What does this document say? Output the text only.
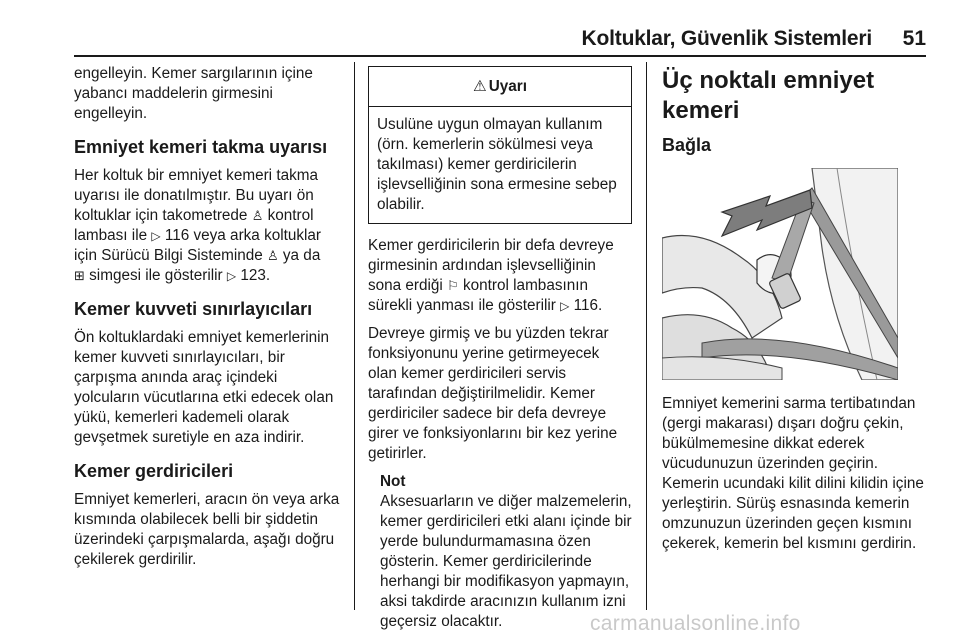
Koltuklar, Güvenlik Sistemleri 51

engelleyin. Kemer sargılarının içine yabancı maddelerin girmesini engelleyin.

Emniyet kemeri takma uyarısı

Her koltuk bir emniyet kemeri takma uyarısı ile donatılmıştır. Bu uyarı ön koltuklar için takometrede ♙ kontrol lambası ile ▷ 116 veya arka koltuklar için Sürücü Bilgi Sisteminde ♙ ya da
⊞ simgesi ile gösterilir ▷ 123.

Kemer kuvveti sınırlayıcıları

Ön koltuklardaki emniyet kemerlerinin kemer kuvveti sınırlayıcıları, bir çarpışma anında araç içindeki yolcuların vücutlarına etki edecek olan yükü, kemerleri kademeli olarak gevşetmek suretiyle en aza indirir.

Kemer gerdiricileri

Emniyet kemerleri, aracın ön veya arka kısmında olabilecek belli bir şiddetin üzerindeki çarpışmalarda, aşağı doğru çekilerek gerdirilir.

⚠ Uyarı
Usulüne uygun olmayan kullanım (örn. kemerlerin sökülmesi veya takılması) kemer gerdiricilerin işlevselliğinin sona ermesine sebep olabilir.

Kemer gerdiricilerin bir defa devreye girmesinin ardından işlevselliğinin sona erdiği ⚐ kontrol lambasının sürekli yanması ile gösterilir ▷ 116.

Devreye girmiş ve bu yüzden tekrar fonksiyonunu yerine getirmeyecek olan kemer gerdiricileri servis tarafından değiştirilmelidir. Kemer gerdiriciler sadece bir defa devreye girer ve fonksiyonlarını bir kez yerine getirirler.

Not

Aksesuarların ve diğer malzemelerin, kemer gerdiricileri etki alanı içinde bir yerde bulundurmamasına özen gösterin. Kemer gerdiricilerinde herhangi bir modifikasyon yapmayın, aksi takdirde aracınızın kullanım izni geçersiz olacaktır.

Üç noktalı emniyet kemeri
Bağla

Emniyet kemerini sarma tertibatından (gergi makarası) dışarı doğru çekin, bükülmemesine dikkat ederek vücudunuzun üzerinden geçirin. Kemerin ucundaki kilit dilini kilidin içine yerleştirin. Sürüş esnasında kemerin omzunuzun üzerinden geçen kısmını çekerek, kemerin bel kısmını gerdirin.

carmanualsonline.info
